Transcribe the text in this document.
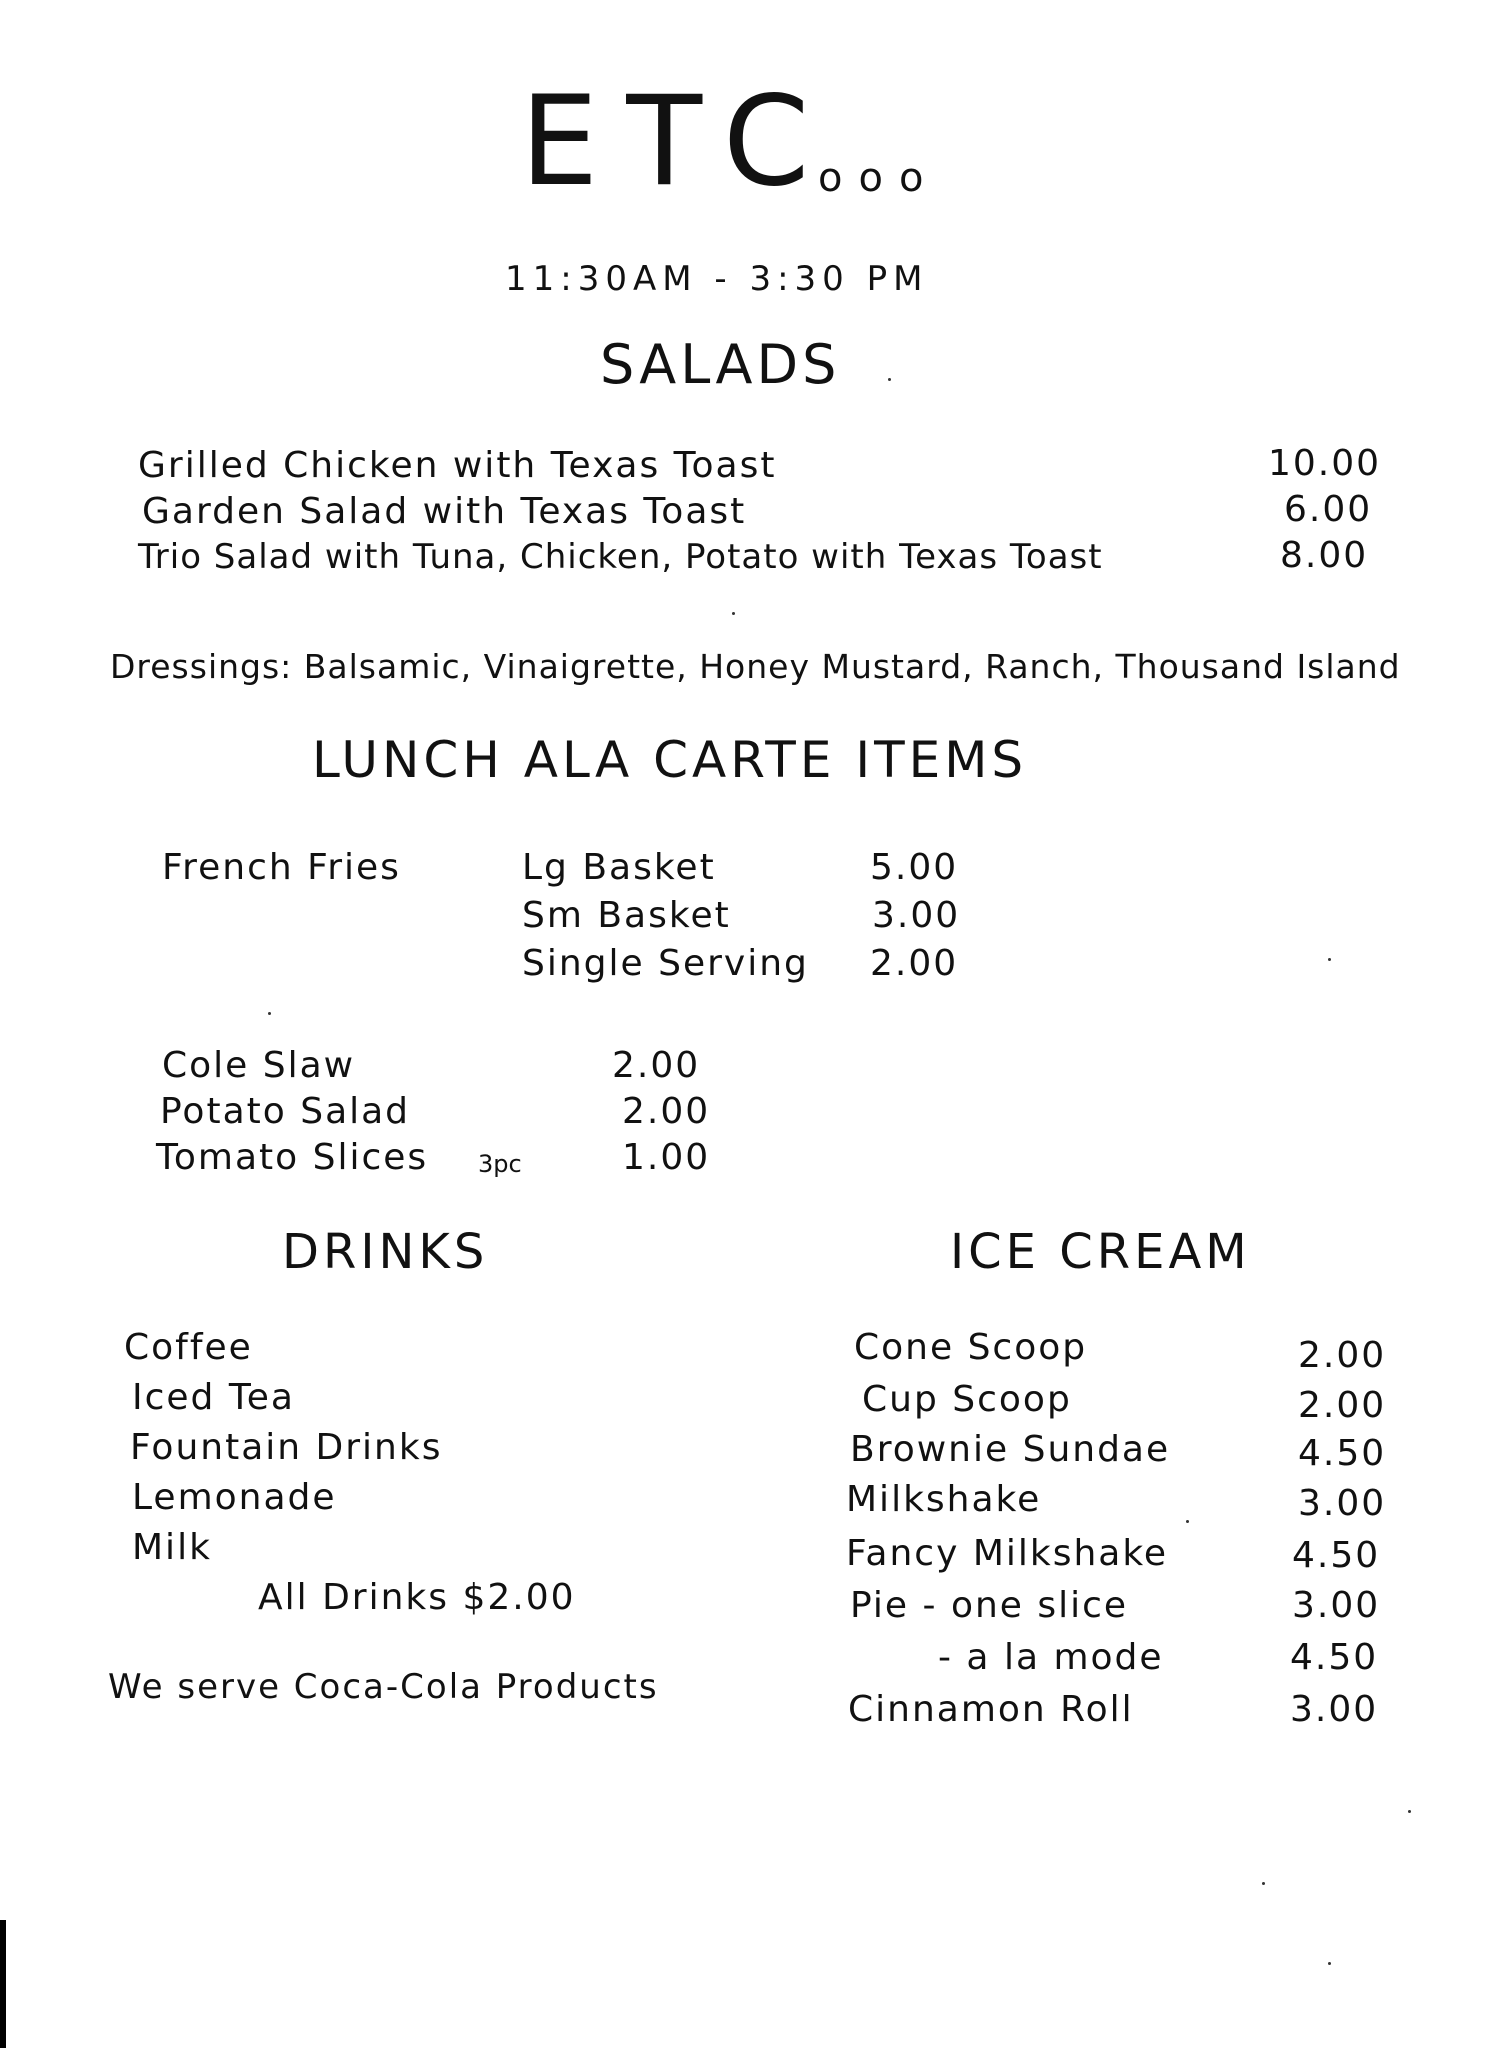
ETC
ooo
11:30AM - 3:30 PM
SALADS
Grilled Chicken with Texas Toast	10.00
Garden Salad with Texas Toast	6.00
Trio Salad with Tuna, Chicken, Potato with Texas Toast	8.00
Dressings: Balsamic, Vinaigrette, Honey Mustard, Ranch, Thousand Island
LUNCH ALA CARTE ITEMS
French Fries	Lg Basket	5.00
Sm Basket	3.00
Single Serving 2.00
Cole Slaw	2.00
Potato Salad	2.00
Tomato Slices 3pc	1.00
DRINKS
Coffee
Iced Tea
Fountain Drinks
Lemonade
Milk
All Drinks $2.00
We serve Coca-Cola Products
ICE CREAM
Cone Scoop	2.00
Cup Scoop	2.00
Brownie Sundae	4.50
Milkshake	3.00
Fancy Milkshake	4.50
Pie - one slice	3.00
- a la mode	4.50
Cinnamon Roll	3.00
